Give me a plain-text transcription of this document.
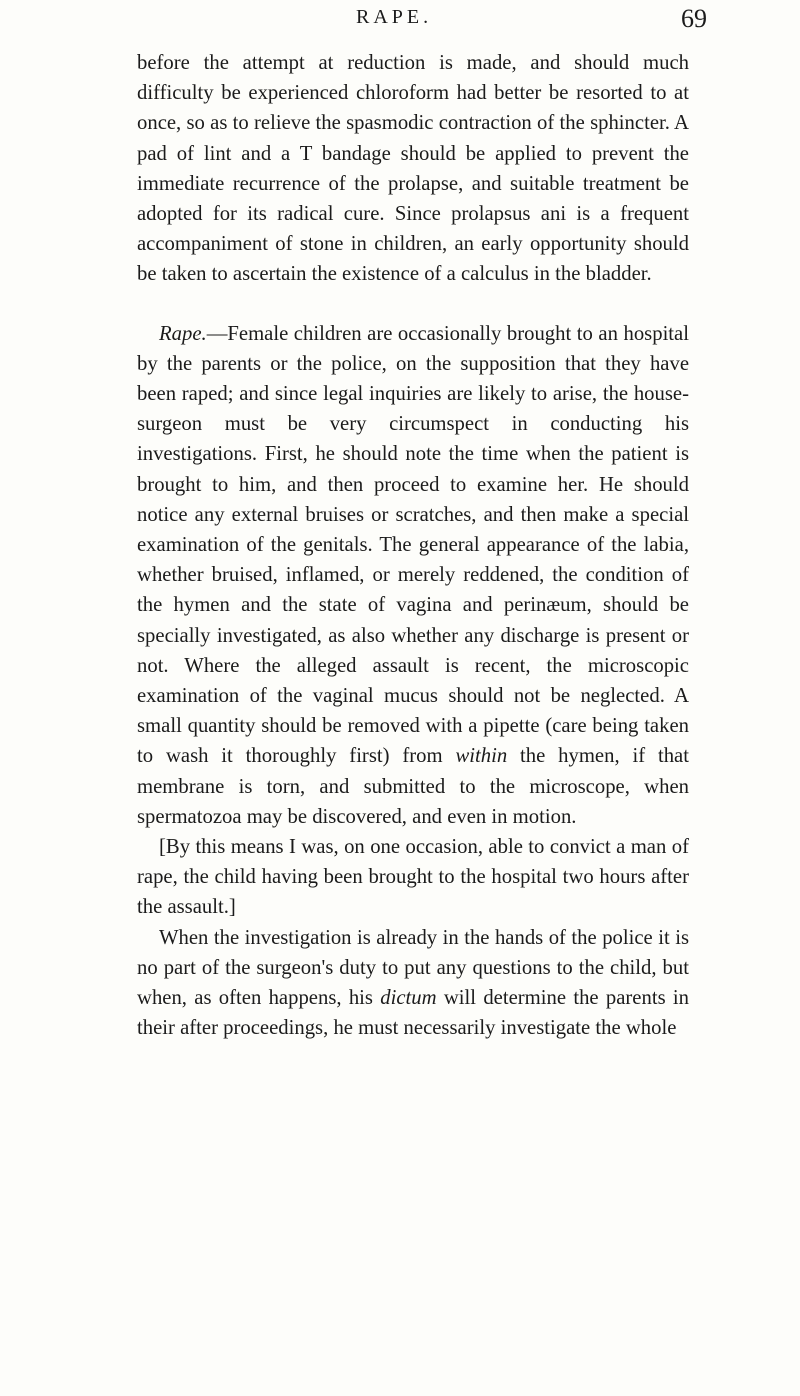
RAPE.	69

before the attempt at reduction is made, and should much difficulty be experienced chloroform had better be resorted to at once, so as to relieve the spasmodic contraction of the sphincter. A pad of lint and a T bandage should be applied to prevent the immediate recurrence of the prolapse, and suitable treatment be adopted for its radical cure. Since prolapsus ani is a frequent accompaniment of stone in children, an early opportunity should be taken to ascertain the existence of a calculus in the bladder.

Rape.—Female children are occasionally brought to an hospital by the parents or the police, on the supposition that they have been raped; and since legal inquiries are likely to arise, the house-surgeon must be very circumspect in conducting his investigations. First, he should note the time when the patient is brought to him, and then proceed to examine her. He should notice any external bruises or scratches, and then make a special examination of the genitals. The general appearance of the labia, whether bruised, inflamed, or merely reddened, the condition of the hymen and the state of vagina and perinæum, should be specially investigated, as also whether any discharge is present or not. Where the alleged assault is recent, the microscopic examination of the vaginal mucus should not be neglected. A small quantity should be removed with a pipette (care being taken to wash it thoroughly first) from within the hymen, if that membrane is torn, and submitted to the microscope, when spermatozoa may be discovered, and even in motion.

[By this means I was, on one occasion, able to convict a man of rape, the child having been brought to the hospital two hours after the assault.]

When the investigation is already in the hands of the police it is no part of the surgeon's duty to put any questions to the child, but when, as often happens, his dictum will determine the parents in their after proceedings, he must necessarily investigate the whole
